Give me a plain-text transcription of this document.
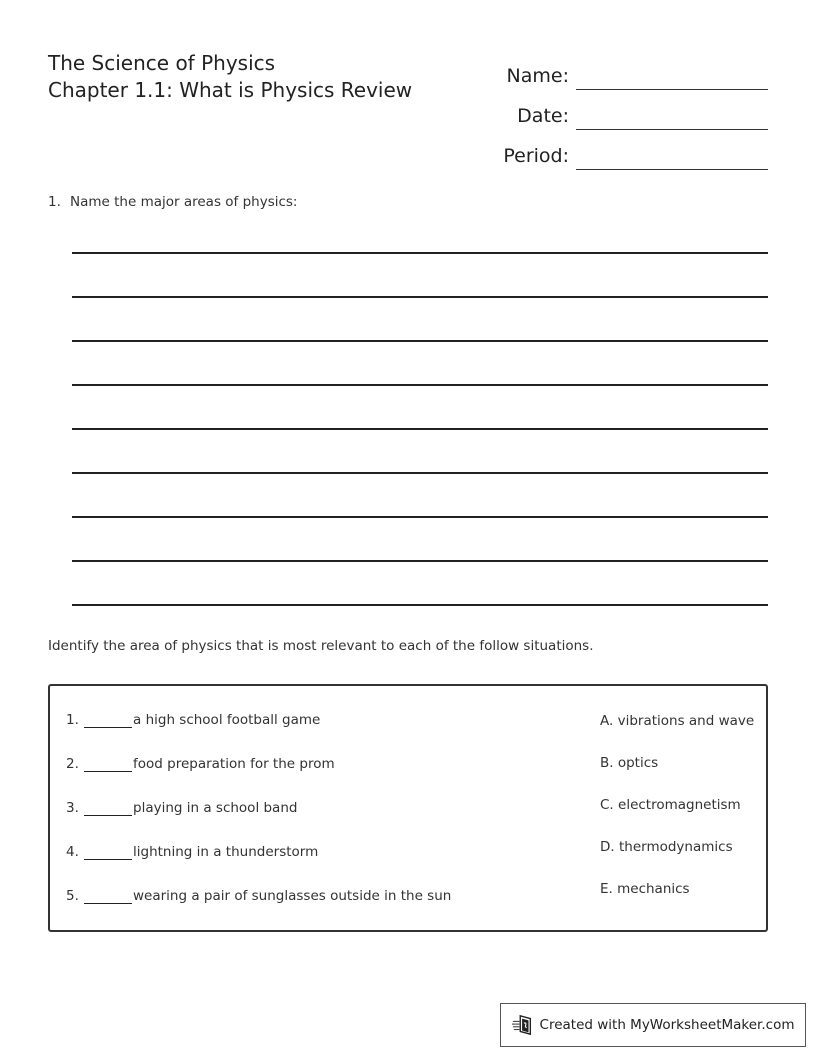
The Science of Physics
Chapter 1.1: What is Physics Review
Name:
Date:
Period:
1. Name the major areas of physics:
Identify the area of physics that is most relevant to each of the follow situations.
1.	a high school football game
2.	food preparation for the prom
3.	playing in a school band
4.	lightning in a thunderstorm
5.	wearing a pair of sunglasses outside in the sun
A. vibrations and wave
B. optics
C. electromagnetism
D. thermodynamics
E. mechanics
Created with MyWorksheetMaker.com
